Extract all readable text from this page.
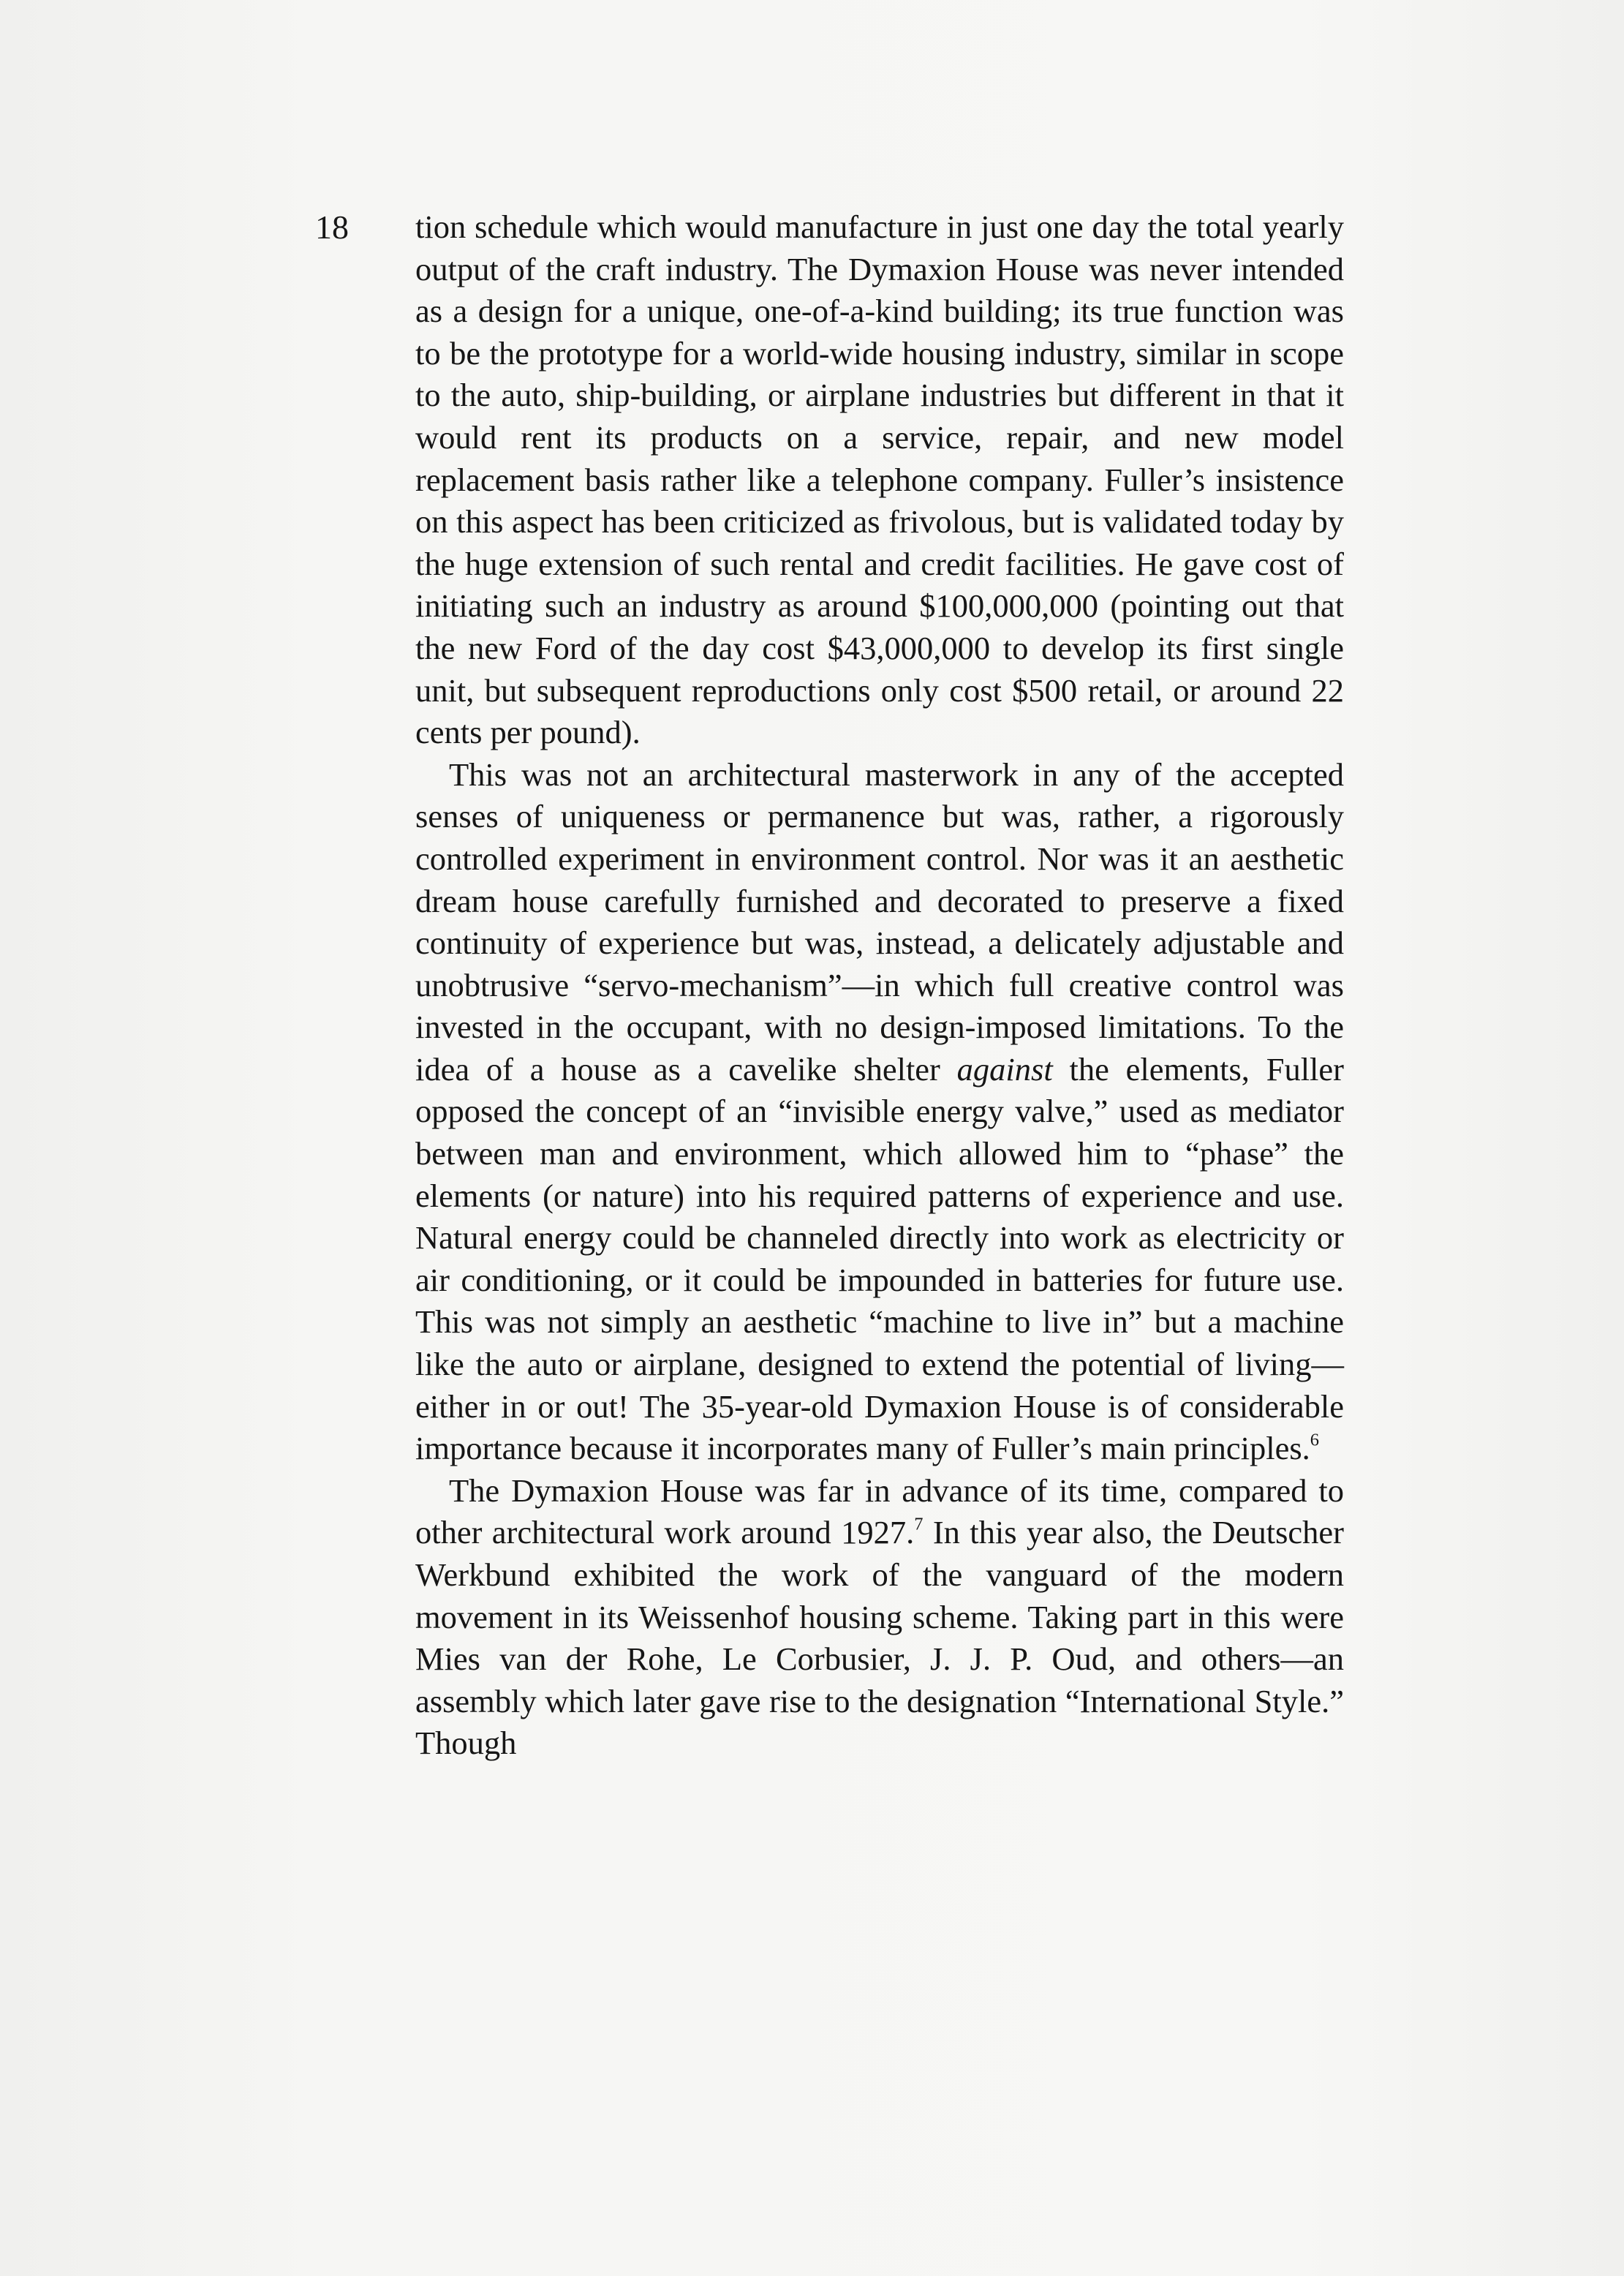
18 tion schedule which would manufacture in just one day the total yearly output of the craft industry. The Dymaxion House was never intended as a design for a unique, one-of-a-kind building; its true function was to be the prototype for a world-wide housing industry, similar in scope to the auto, ship-building, or airplane industries but different in that it would rent its products on a service, repair, and new model replacement basis rather like a telephone company. Fuller’s insistence on this aspect has been criticized as frivolous, but is validated today by the huge extension of such rental and credit facilities. He gave cost of initiating such an industry as around $100,000,000 (pointing out that the new Ford of the day cost $43,000,000 to develop its first single unit, but subsequent reproductions only cost $500 retail, or around 22 cents per pound).

This was not an architectural masterwork in any of the accepted senses of uniqueness or permanence but was, rather, a rigorously controlled experiment in environment control. Nor was it an aesthetic dream house carefully furnished and decorated to preserve a fixed continuity of experience but was, instead, a delicately adjustable and unobtrusive “servo-mechanism”—in which full creative control was invested in the occupant, with no design-imposed limitations. To the idea of a house as a cavelike shelter against the elements, Fuller opposed the concept of an “invisible energy valve,” used as mediator between man and environment, which allowed him to “phase” the elements (or nature) into his required patterns of experience and use. Natural energy could be channeled directly into work as electricity or air conditioning, or it could be impounded in batteries for future use. This was not simply an aesthetic “machine to live in” but a machine like the auto or airplane, designed to extend the potential of living—either in or out! The 35-year-old Dymaxion House is of considerable importance because it incorporates many of Fuller’s main principles.$^6$

The Dymaxion House was far in advance of its time, compared to other architectural work around 1927.$^7$ In this year also, the Deutscher Werkbund exhibited the work of the vanguard of the modern movement in its Weissenhof housing scheme. Taking part in this were Mies van der Rohe, Le Corbusier, J. J. P. Oud, and others—an assembly which later gave rise to the designation “International Style.” Though
